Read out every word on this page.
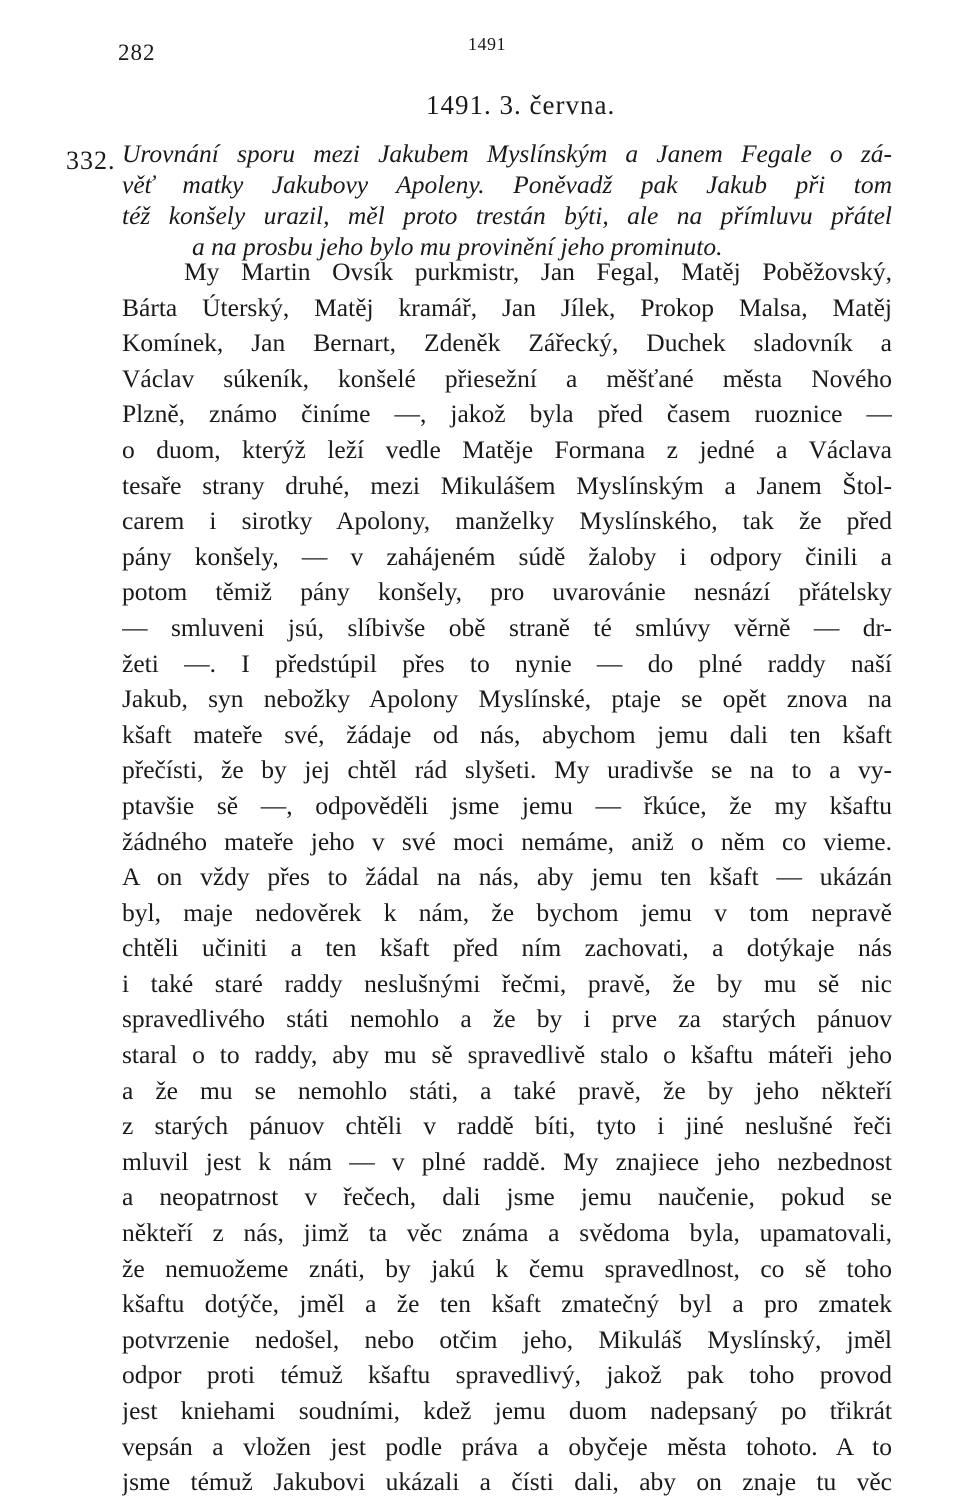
282	1491
1491. 3. června.
332. Urovnání sporu mezi Jakubem Myslínským a Janem Fegale o zá-
věť matky Jakubovy Apoleny. Poněvadž pak Jakub při tom
též konšely urazil, měl proto trestán býti, ale na přímluvu přátel
a na prosbu jeho bylo mu provinění jeho prominuto.
My Martin Ovsík purkmistr, Jan Fegal, Matěj Poběžovský,
Bárta Úterský, Matěj kramář, Jan Jílek, Prokop Malsa, Matěj
Komínek, Jan Bernart, Zdeněk Zářecký, Duchek sladovník a
Václav súkeník, konšelé přiesežní a měšťané města Nového
Plzně, známo činíme —, jakož byla před časem ruoznice —
o duom, kterýž leží vedle Matěje Formana z jedné a Václava
tesaře strany druhé, mezi Mikulášem Myslínským a Janem Štol-
carem i sirotky Apolony, manželky Myslínského, tak že před
pány konšely, — v zahájeném súdě žaloby i odpory činili a
potom těmiž pány konšely, pro uvarovánie nesnází přátelsky
— smluveni jsú, slíbivše obě straně té smlúvy věrně — dr-
žeti —. I předstúpil přes to nynie — do plné raddy naší
Jakub, syn nebožky Apolony Myslínské, ptaje se opět znova na
kšaft mateře své, žádaje od nás, abychom jemu dali ten kšaft
přečísti, že by jej chtěl rád slyšeti. My uradivše se na to a vy-
ptavšie sě —, odpověděli jsme jemu — řkúce, že my kšaftu
žádného mateře jeho v své moci nemáme, aniž o něm co vieme.
A on vždy přes to žádal na nás, aby jemu ten kšaft — ukázán
byl, maje nedověrek k nám, že bychom jemu v tom nepravě
chtěli učiniti a ten kšaft před ním zachovati, a dotýkaje nás
i také staré raddy neslušnými řečmi, pravě, že by mu sě nic
spravedlivého státi nemohlo a že by i prve za starých pánuov
staral o to raddy, aby mu sě spravedlivě stalo o kšaftu máteři jeho
a že mu se nemohlo státi, a také pravě, že by jeho někteří
z starých pánuov chtěli v raddě bíti, tyto i jiné neslušné řeči
mluvil jest k nám — v plné raddě. My znajiece jeho nezbednost
a neopatrnost v řečech, dali jsme jemu naučenie, pokud se
někteří z nás, jimž ta věc známa a svědoma byla, upamatovali,
že nemuožeme znáti, by jakú k čemu spravedlnost, co sě toho
kšaftu dotýče, jměl a že ten kšaft zmatečný byl a pro zmatek
potvrzenie nedošel, nebo otčim jeho, Mikuláš Myslínský, jměl
odpor proti témuž kšaftu spravedlivý, jakož pak toho provod
jest kniehami soudními, kdež jemu duom nadepsaný po třikrát
vepsán a vložen jest podle práva a obyčeje města tohoto. A to
jsme témuž Jakubovi ukázali a čísti dali, aby on znaje tu věc
